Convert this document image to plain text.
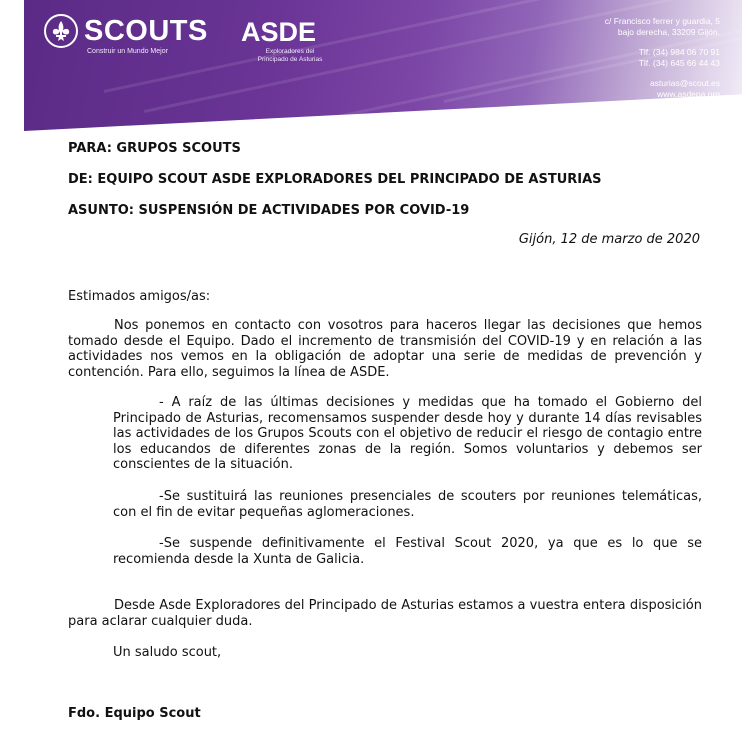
SCOUTS
Construir un Mundo Mejor
ASDE
Exploradores del
Principado de Asturias
c/ Francisco ferrer y guardia, 5
bajo derecha, 33209 Gijón.
Tlf. (34) 984 06 70 91
Tlf. (34) 645 66 44 43
asturias@scout.es
www.asdepa.org
PARA: GRUPOS SCOUTS
DE: EQUIPO SCOUT ASDE EXPLORADORES DEL PRINCIPADO DE ASTURIAS
ASUNTO: SUSPENSIÓN DE ACTIVIDADES POR COVID-19
Gijón, 12 de marzo de 2020
Estimados amigos/as:
Nos ponemos en contacto con vosotros para haceros llegar las decisiones que hemos tomado desde el Equipo. Dado el incremento de transmisión del COVID-19 y en relación a las actividades nos vemos en la obligación de adoptar una serie de medidas de prevención y contención. Para ello, seguimos la línea de ASDE.
- A raíz de las últimas decisiones y medidas que ha tomado el Gobierno del Principado de Asturias, recomensamos suspender desde hoy y durante 14 días revisables las actividades de los Grupos Scouts con el objetivo de reducir el riesgo de contagio entre los educandos de diferentes zonas de la región. Somos voluntarios y debemos ser conscientes de la situación.
-Se sustituirá las reuniones presenciales de scouters por reuniones telemáticas, con el fin de evitar pequeñas aglomeraciones.
-Se suspende definitivamente el Festival Scout 2020, ya que es lo que se recomienda desde la Xunta de Galicia.
Desde Asde Exploradores del Principado de Asturias estamos a vuestra entera disposición para aclarar cualquier duda.
Un saludo scout,
Fdo. Equipo Scout
